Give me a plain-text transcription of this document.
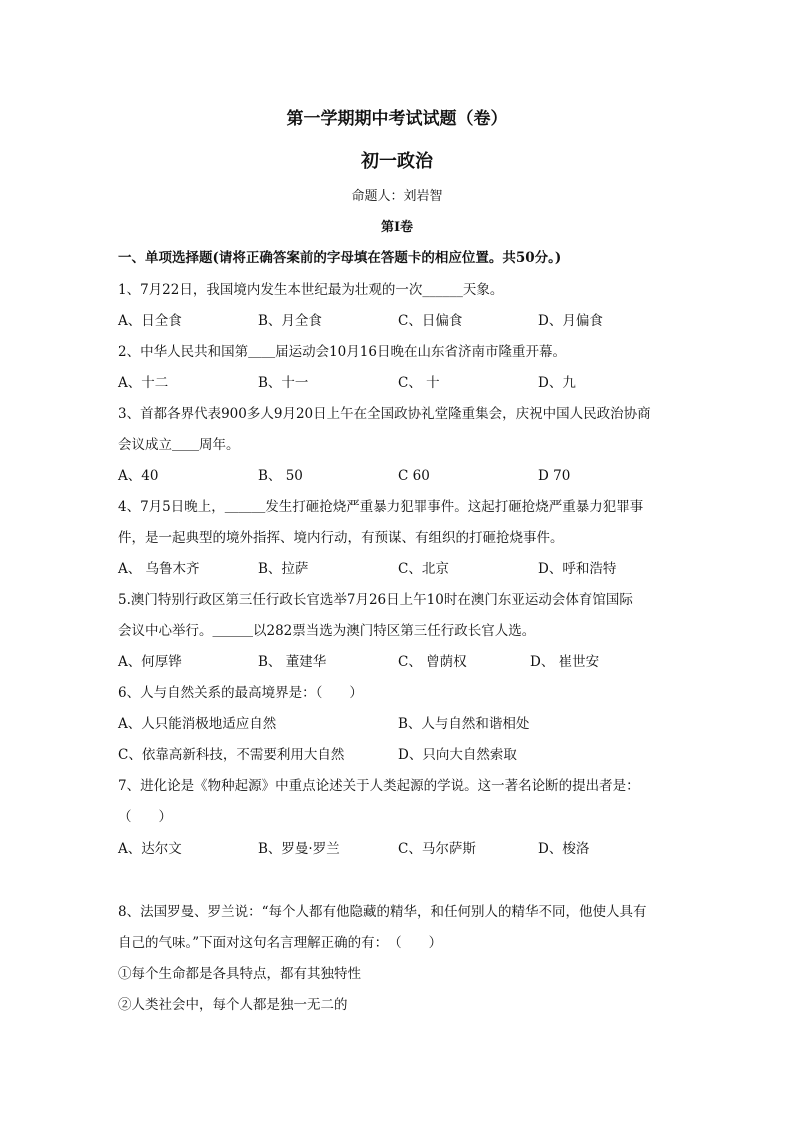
第一学期期中考试试题（卷）
初一政治
命题人：刘岩智
第Ⅰ卷
一、单项选择题(请将正确答案前的字母填在答题卡的相应位置。共50分。)
1、7月22日，我国境内发生本世纪最为壮观的一次______天象。
A、日全食	B、月全食	C、日偏食	D、月偏食
2、中华人民共和国第＿＿届运动会10月16日晚在山东省济南市隆重开幕。
A、十二	B、十一	C、 十	D、九
3、首都各界代表900多人9月20日上午在全国政协礼堂隆重集会，庆祝中国人民政治协商
会议成立＿＿周年。
A、40	B、 50	C 60	D 70
4、7月5日晚上，＿＿＿发生打砸抢烧严重暴力犯罪事件。这起打砸抢烧严重暴力犯罪事
件，是一起典型的境外指挥、境内行动，有预谋、有组织的打砸抢烧事件。
A、 乌鲁木齐	B、拉萨	C、北京	D、呼和浩特
5.澳门特别行政区第三任行政长官选举7月26日上午10时在澳门东亚运动会体育馆国际
会议中心举行。＿＿＿以282票当选为澳门特区第三任行政长官人选。
A、何厚铧	B、 董建华	C、 曾荫权	D、 崔世安
6、人与自然关系的最高境界是：（　　）
A、人只能消极地适应自然	B、人与自然和谐相处
C、依靠高新科技，不需要利用大自然	D、只向大自然索取
7、进化论是《物种起源》中重点论述关于人类起源的学说。这一著名论断的提出者是：
（　　）
A、达尔文	B、罗曼·罗兰	C、马尔萨斯	D、梭洛
8、法国罗曼、罗兰说：“每个人都有他隐藏的精华，和任何别人的精华不同，他使人具有
自己的气味。”下面对这句名言理解正确的有：　（　　）
①每个生命都是各具特点，都有其独特性
②人类社会中，每个人都是独一无二的
